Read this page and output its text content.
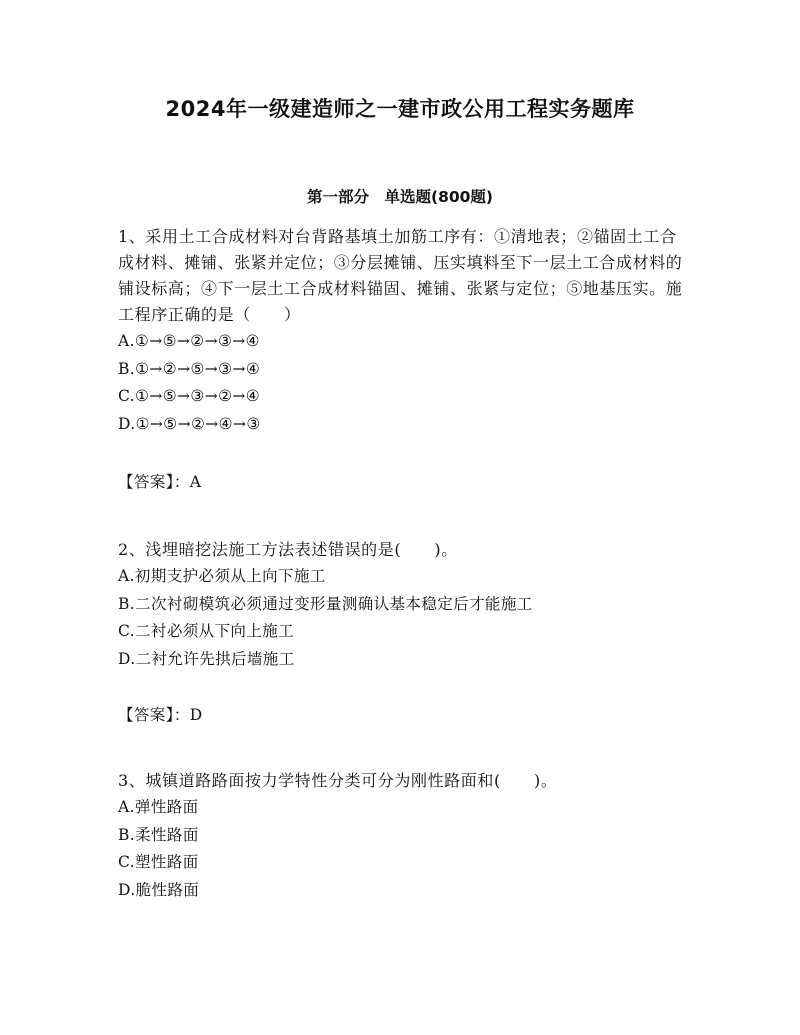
2024年一级建造师之一建市政公用工程实务题库
第一部分　单选题(800题)

1、采用土工合成材料对台背路基填土加筋工序有：①清地表；②锚固土工合成材料、摊铺、张紧并定位；③分层摊铺、压实填料至下一层土工合成材料的铺设标高；④下一层土工合成材料锚固、摊铺、张紧与定位；⑤地基压实。施工程序正确的是（　　）

A.①→⑤→②→③→④

B.①→②→⑤→③→④

C.①→⑤→③→②→④

D.①→⑤→②→④→③

【答案】：A

2、浅埋暗挖法施工方法表述错误的是(　　)。

A.初期支护必须从上向下施工

B.二次衬砌模筑必须通过变形量测确认基本稳定后才能施工

C.二衬必须从下向上施工

D.二衬允许先拱后墙施工

【答案】：D

3、城镇道路路面按力学特性分类可分为刚性路面和(　　)。

A.弹性路面

B.柔性路面

C.塑性路面

D.脆性路面
